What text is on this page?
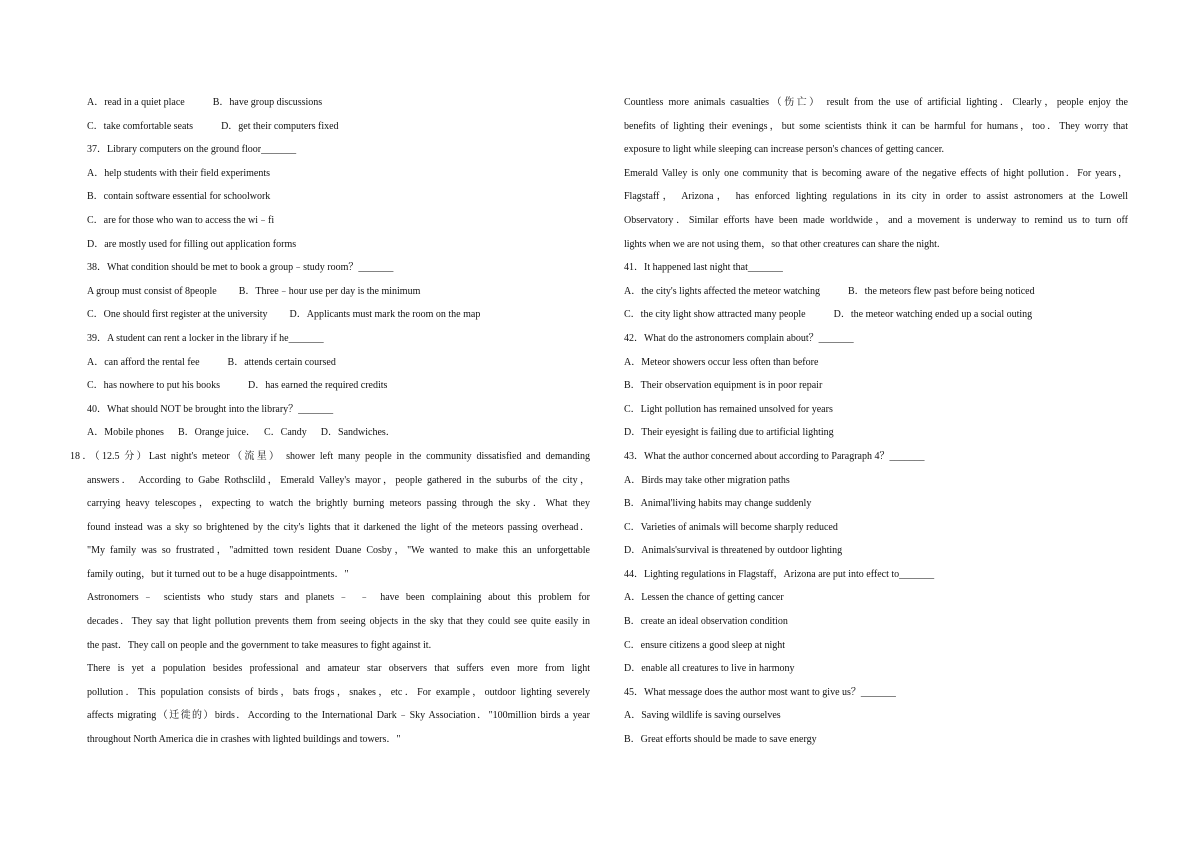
A．read in a quiet place	B．have group discussions
C．take comfortable seats	D．get their computers fixed
37．Library computers on the ground floor_______
A．help students with their field experiments
B．contain software essential for schoolwork
C．are for those who wan to access the wi﹣fi
D．are mostly used for filling out application forms
38．What condition should be met to book a group﹣study room？_______
A group must consist of 8people B．Three﹣hour use per day is the minimum
C．One should first register at the university D．Applicants must mark the room on the map
39．A student can rent a locker in the library if he_______
A．can afford the rental fee	B．attends certain coursed
C．has nowhere to put his books	D．has earned the required credits
40．What should NOT be brought into the library？_______
A．Mobile phones B．Orange juice． C．Candy D．Sandwiches．
18．（12.5 分）Last night's meteor（流星） shower left many people in the community dissatisfied and demanding
answers． According to Gabe Rothsclild，Emerald Valley's mayor，people gathered in the suburbs of the city，
carrying heavy telescopes，expecting to watch the brightly burning meteors passing through the sky．What they
found instead was a sky so brightened by the city's lights that it darkened the light of the meteors passing overhead．
"My family was so frustrated，"admitted town resident Duane Cosby，"We wanted to make this an unforgettable
family outing，but it turned out to be a huge disappointments．"
Astronomers﹣ scientists who study stars and planets﹣ ﹣ have been complaining about this problem for
decades．They say that light pollution prevents them from seeing objects in the sky that they could see quite easily in
the past．They call on people and the government to take measures to fight against it.
There is yet a population besides professional and amateur star observers that suffers even more from light
pollution．This population consists of birds，bats frogs，snakes，etc．For example，outdoor lighting severely
affects migrating（迁徙的）birds．According to the International Dark﹣Sky Association．"100million birds a year
throughout North America die in crashes with lighted buildings and towers．"
Countless more animals casualties（伤亡） result from the use of artificial lighting．Clearly，people enjoy the
benefits of lighting their evenings，but some scientists think it can be harmful for humans，too．They worry that
exposure to light while sleeping can increase person's chances of getting cancer.
Emerald Valley is only one community that is becoming aware of the negative effects of hight pollution．For years，
Flagstaff， Arizona， has enforced lighting regulations in its city in order to assist astronomers at the Lowell
Observatory．Similar efforts have been made worldwide，and a movement is underway to remind us to turn off
lights when we are not using them，so that other creatures can share the night.
41．It happened last night that_______
A．the city's lights affected the meteor watching	B．the meteors flew past before being noticed
C．the city light show attracted many people	D．the meteor watching ended up a social outing
42．What do the astronomers complain about？_______
A．Meteor showers occur less often than before
B．Their observation equipment is in poor repair
C．Light pollution has remained unsolved for years
D．Their eyesight is failing due to artificial lighting
43．What the author concerned about according to Paragraph 4？_______
A．Birds may take other migration paths
B．Animal'living habits may change suddenly
C．Varieties of animals will become sharply reduced
D．Animals'survival is threatened by outdoor lighting
44．Lighting regulations in Flagstaff，Arizona are put into effect to_______
A．Lessen the chance of getting cancer
B．create an ideal observation condition
C．ensure citizens a good sleep at night
D．enable all creatures to live in harmony
45．What message does the author most want to give us？_______
A．Saving wildlife is saving ourselves
B．Great efforts should be made to save energy
